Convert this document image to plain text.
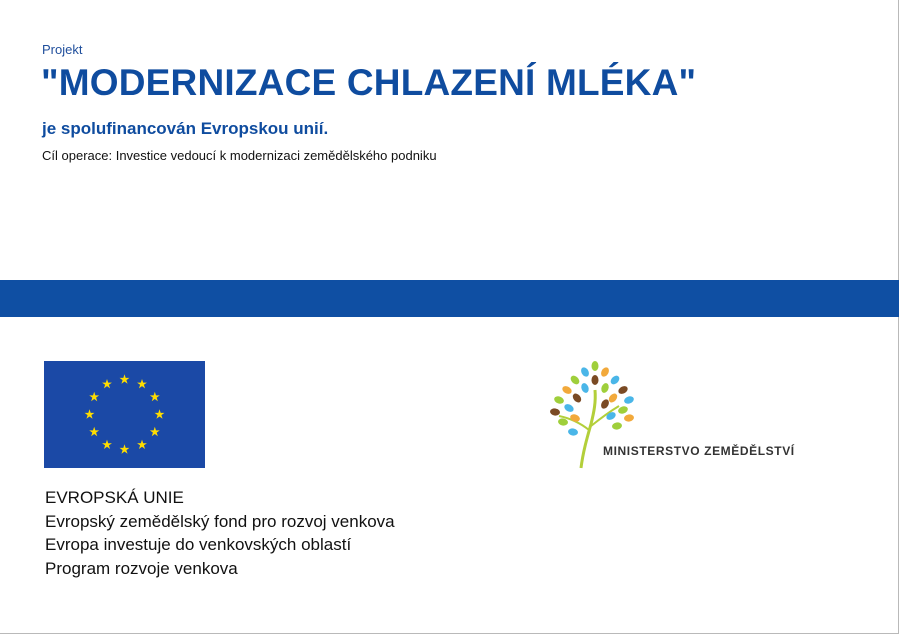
Projekt
"MODERNIZACE CHLAZENÍ MLÉKA"
je spolufinancován Evropskou unií.
Cíl operace: Investice vedoucí k modernizaci zemědělského podniku
EVROPSKÁ UNIE
Evropský zemědělský fond pro rozvoj venkova
Evropa investuje do venkovských oblastí
Program rozvoje venkova
MINISTERSTVO ZEMĚDĚLSTVÍ
